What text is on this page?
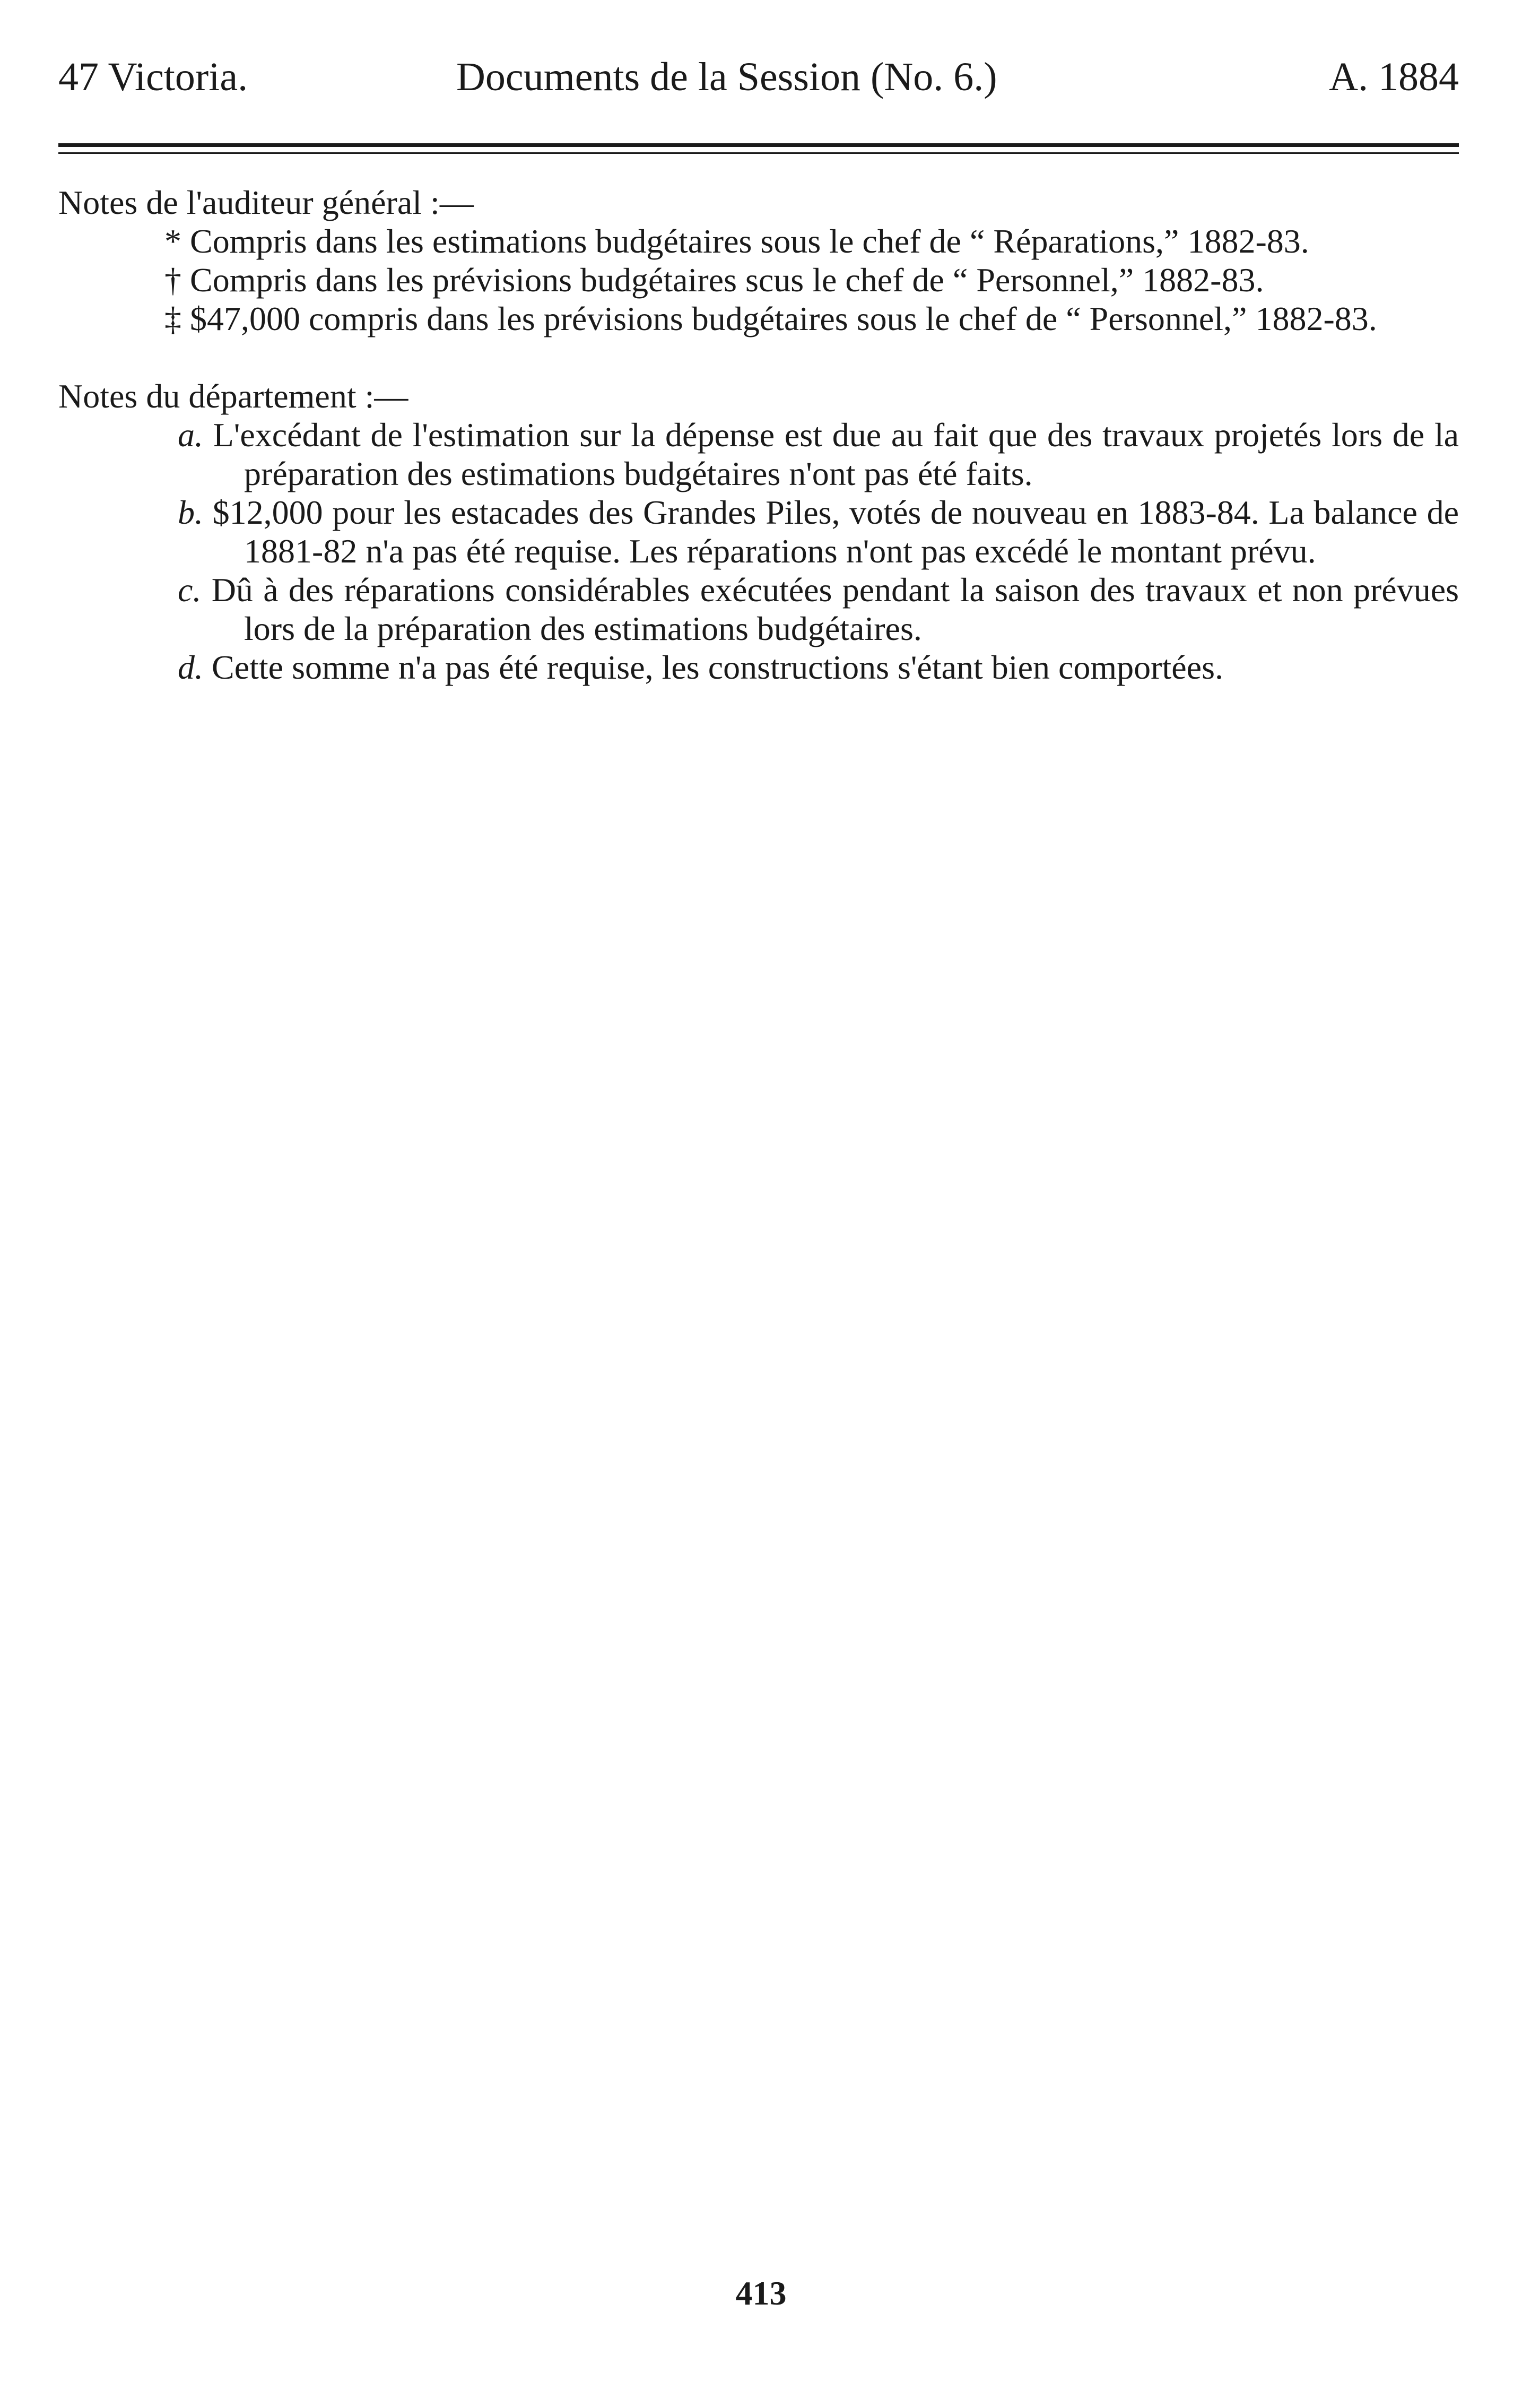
47 Victoria.	Documents de la Session (No. 6.)	A. 1884

Notes de l'auditeur général :—

* Compris dans les estimations budgétaires sous le chef de “ Réparations,” 1882-83.

† Compris dans les prévisions budgétaires scus le chef de “ Personnel,” 1882-83.

‡ $47,000 compris dans les prévisions budgétaires sous le chef de “ Personnel,” 1882-83.

Notes du département :—

a. L'excédant de l'estimation sur la dépense est due au fait que des travaux projetés lors de la préparation des estimations budgétaires n'ont pas été faits.

b. $12,000 pour les estacades des Grandes Piles, votés de nouveau en 1883-84. La balance de 1881-82 n'a pas été requise. Les réparations n'ont pas excédé le montant prévu.

c. Dû à des réparations considérables exécutées pendant la saison des travaux et non prévues lors de la préparation des estimations budgétaires.

d. Cette somme n'a pas été requise, les constructions s'étant bien comportées.

413
